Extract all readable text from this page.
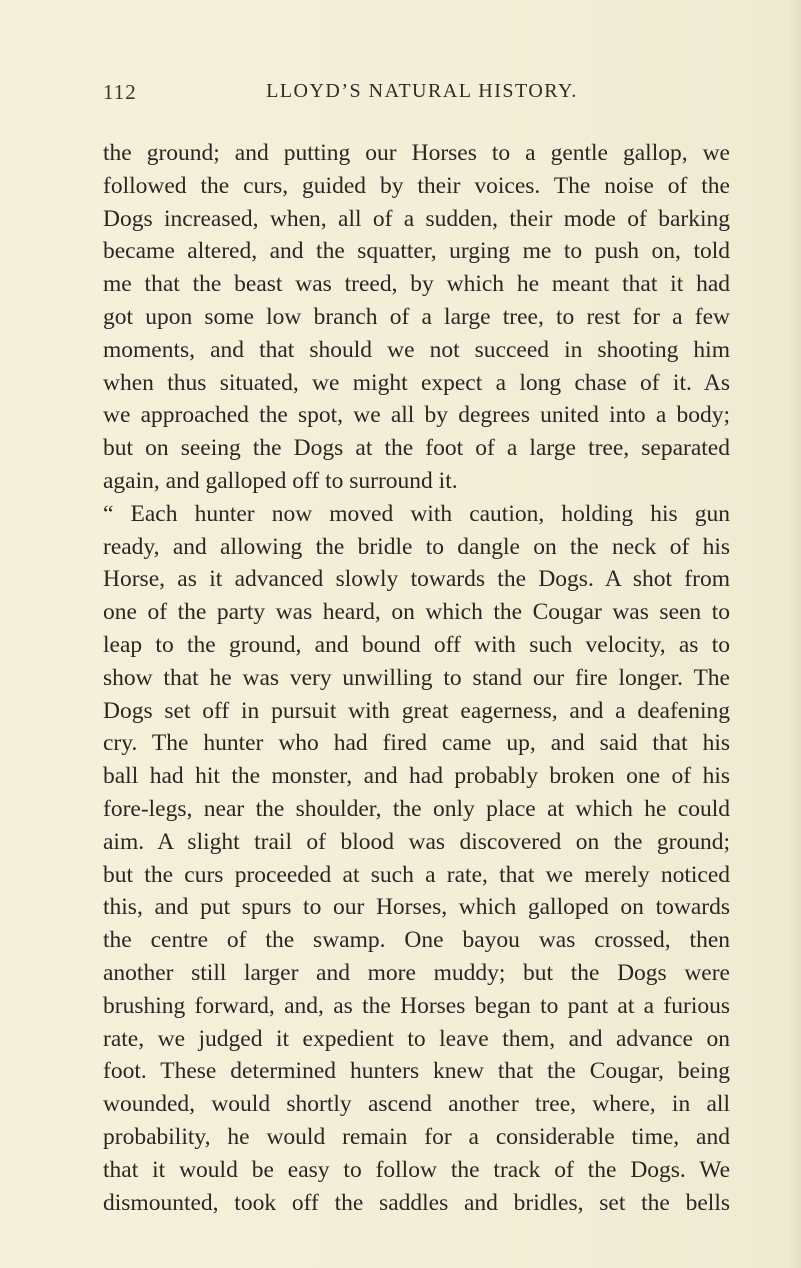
112	LLOYD’S NATURAL HISTORY.
the ground; and putting our Horses to a gentle gallop, we
followed the curs, guided by their voices. The noise of the
Dogs increased, when, all of a sudden, their mode of barking
became altered, and the squatter, urging me to push on, told
me that the beast was treed, by which he meant that it had
got upon some low branch of a large tree, to rest for a few
moments, and that should we not succeed in shooting him
when thus situated, we might expect a long chase of it. As
we approached the spot, we all by degrees united into a body;
but on seeing the Dogs at the foot of a large tree, separated
again, and galloped off to surround it.
“ Each hunter now moved with caution, holding his gun
ready, and allowing the bridle to dangle on the neck of his
Horse, as it advanced slowly towards the Dogs. A shot from
one of the party was heard, on which the Cougar was seen to
leap to the ground, and bound off with such velocity, as to
show that he was very unwilling to stand our fire longer. The
Dogs set off in pursuit with great eagerness, and a deafening
cry. The hunter who had fired came up, and said that his
ball had hit the monster, and had probably broken one of his
fore-legs, near the shoulder, the only place at which he could
aim. A slight trail of blood was discovered on the ground;
but the curs proceeded at such a rate, that we merely noticed
this, and put spurs to our Horses, which galloped on towards
the centre of the swamp. One bayou was crossed, then
another still larger and more muddy; but the Dogs were
brushing forward, and, as the Horses began to pant at a furious
rate, we judged it expedient to leave them, and advance on
foot. These determined hunters knew that the Cougar, being
wounded, would shortly ascend another tree, where, in all
probability, he would remain for a considerable time, and
that it would be easy to follow the track of the Dogs. We
dismounted, took off the saddles and bridles, set the bells
